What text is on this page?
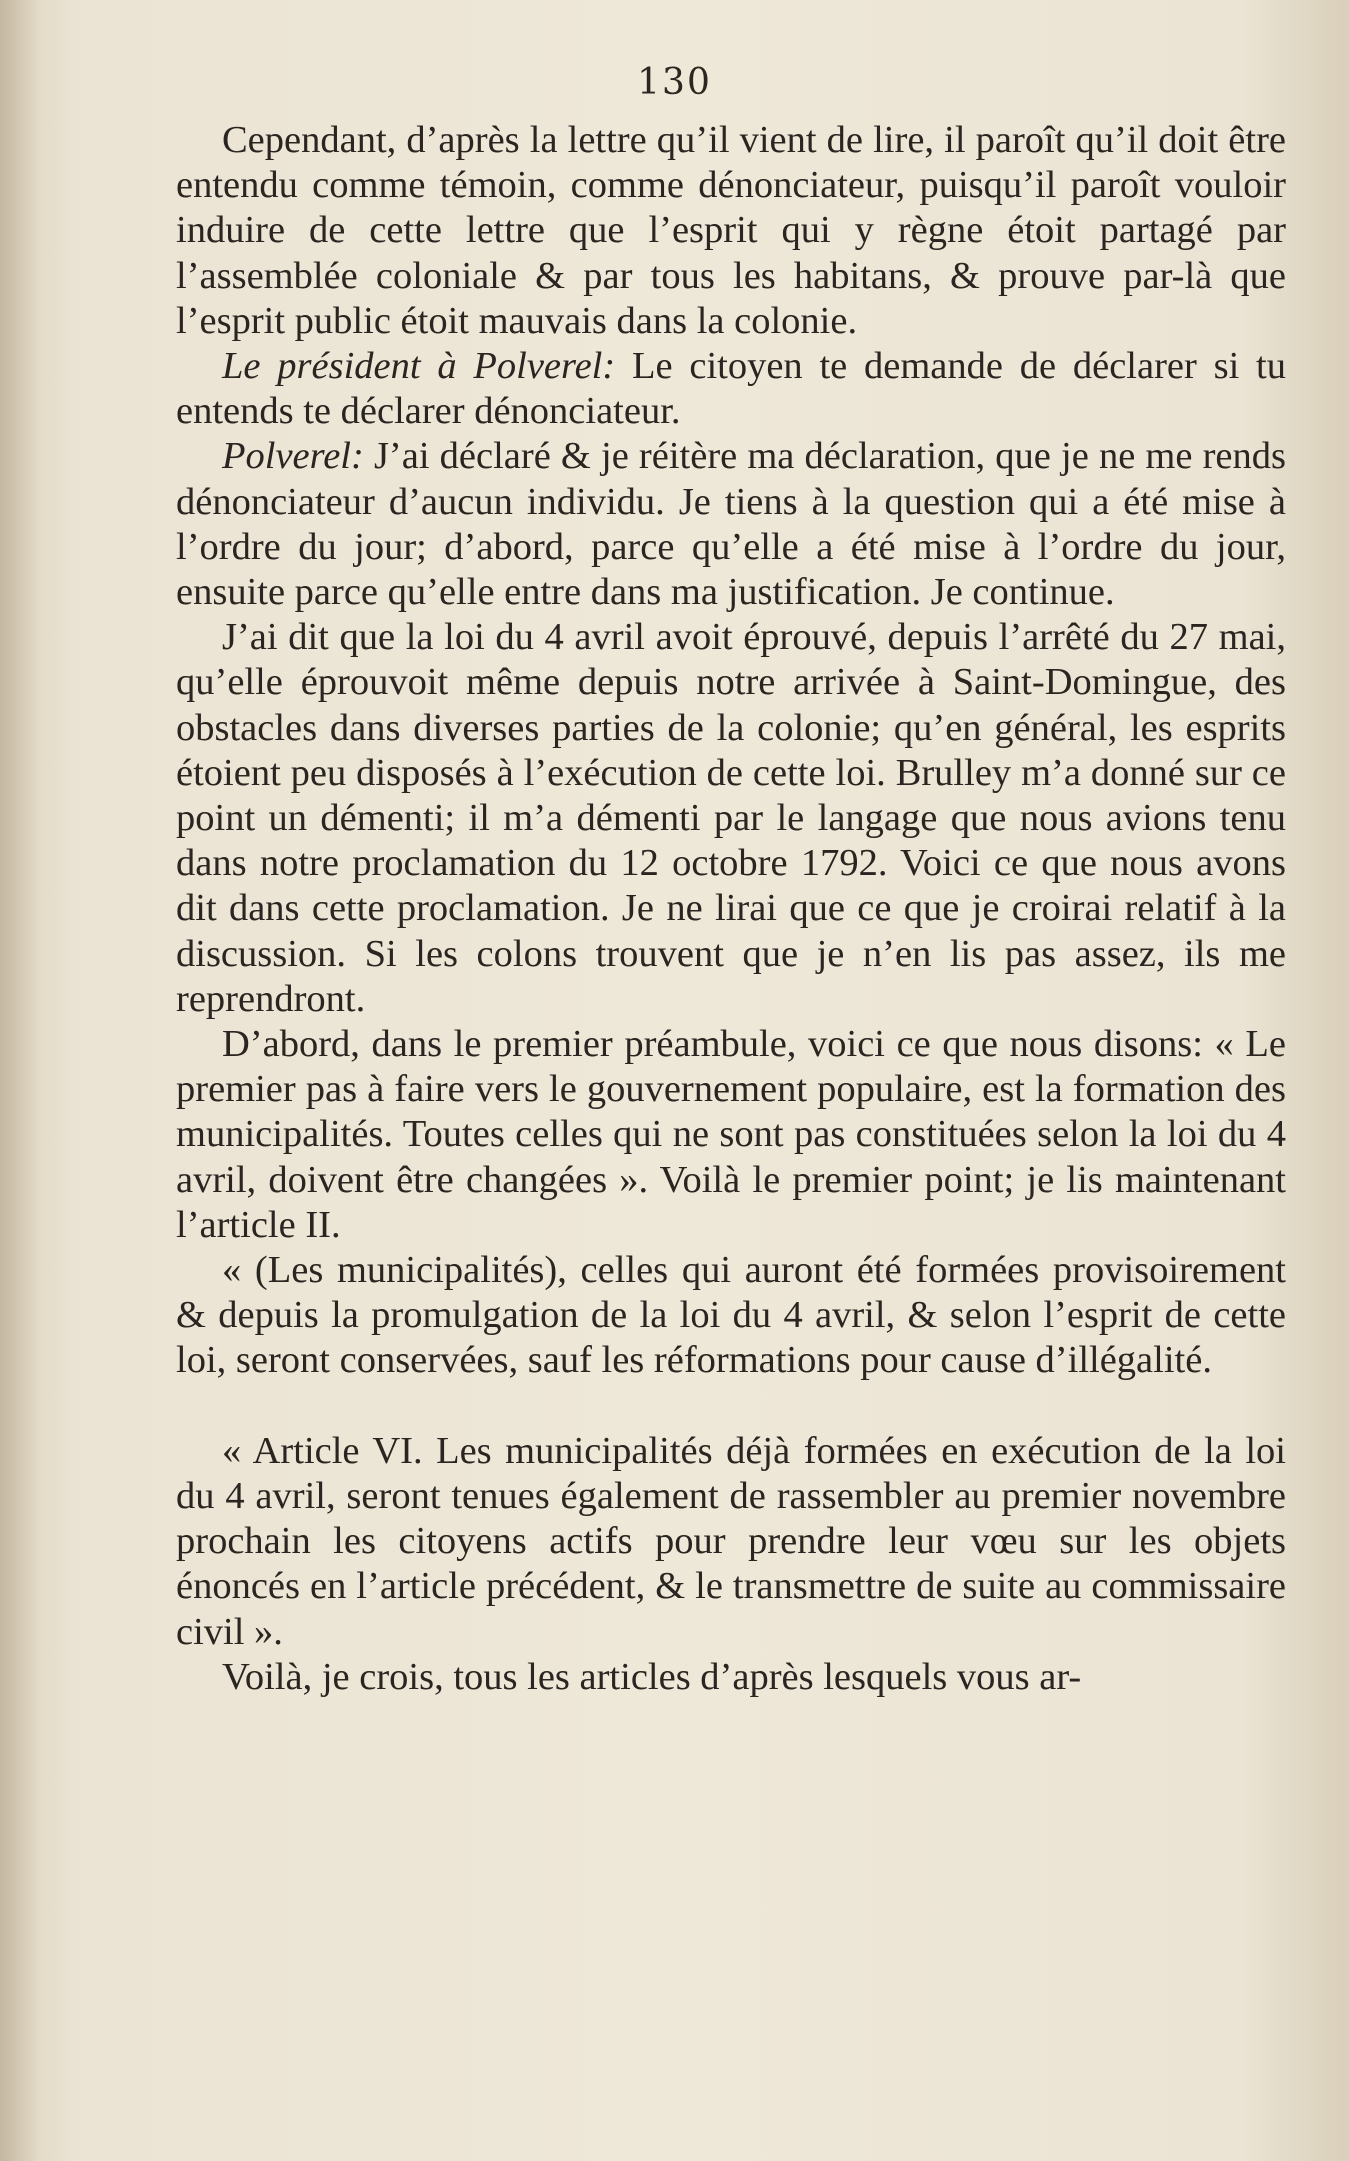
130

Cependant, d’après la lettre qu’il vient de lire, il paroît qu’il doit être entendu comme témoin, comme dénonciateur, puisqu’il paroît vouloir induire de cette lettre que l’esprit qui y règne étoit partagé par l’assemblée coloniale & par tous les habitans, & prouve par-là que l’esprit public étoit mauvais dans la colonie.

Le président à Polverel: Le citoyen te demande de déclarer si tu entends te déclarer dénonciateur.

Polverel: J’ai déclaré & je réitère ma déclaration, que je ne me rends dénonciateur d’aucun individu. Je tiens à la question qui a été mise à l’ordre du jour; d’abord, parce qu’elle a été mise à l’ordre du jour, ensuite parce qu’elle entre dans ma justification. Je continue.

J’ai dit que la loi du 4 avril avoit éprouvé, depuis l’arrêté du 27 mai, qu’elle éprouvoit même depuis notre arrivée à Saint-Domingue, des obstacles dans diverses parties de la colonie; qu’en général, les esprits étoient peu disposés à l’exécution de cette loi. Brulley m’a donné sur ce point un démenti; il m’a démenti par le langage que nous avions tenu dans notre proclamation du 12 octobre 1792. Voici ce que nous avons dit dans cette proclamation. Je ne lirai que ce que je croirai relatif à la discussion. Si les colons trouvent que je n’en lis pas assez, ils me reprendront.

D’abord, dans le premier préambule, voici ce que nous disons: « Le premier pas à faire vers le gouvernement populaire, est la formation des municipalités. Toutes celles qui ne sont pas constituées selon la loi du 4 avril, doivent être changées ». Voilà le premier point; je lis maintenant l’article II.

« (Les municipalités), celles qui auront été formées provisoirement & depuis la promulgation de la loi du 4 avril, & selon l’esprit de cette loi, seront conservées, sauf les réformations pour cause d’illégalité.

« Article VI. Les municipalités déjà formées en exécution de la loi du 4 avril, seront tenues également de rassembler au premier novembre prochain les citoyens actifs pour prendre leur vœu sur les objets énoncés en l’article précédent, & le transmettre de suite au commissaire civil ».

Voilà, je crois, tous les articles d’après lesquels vous ar-
